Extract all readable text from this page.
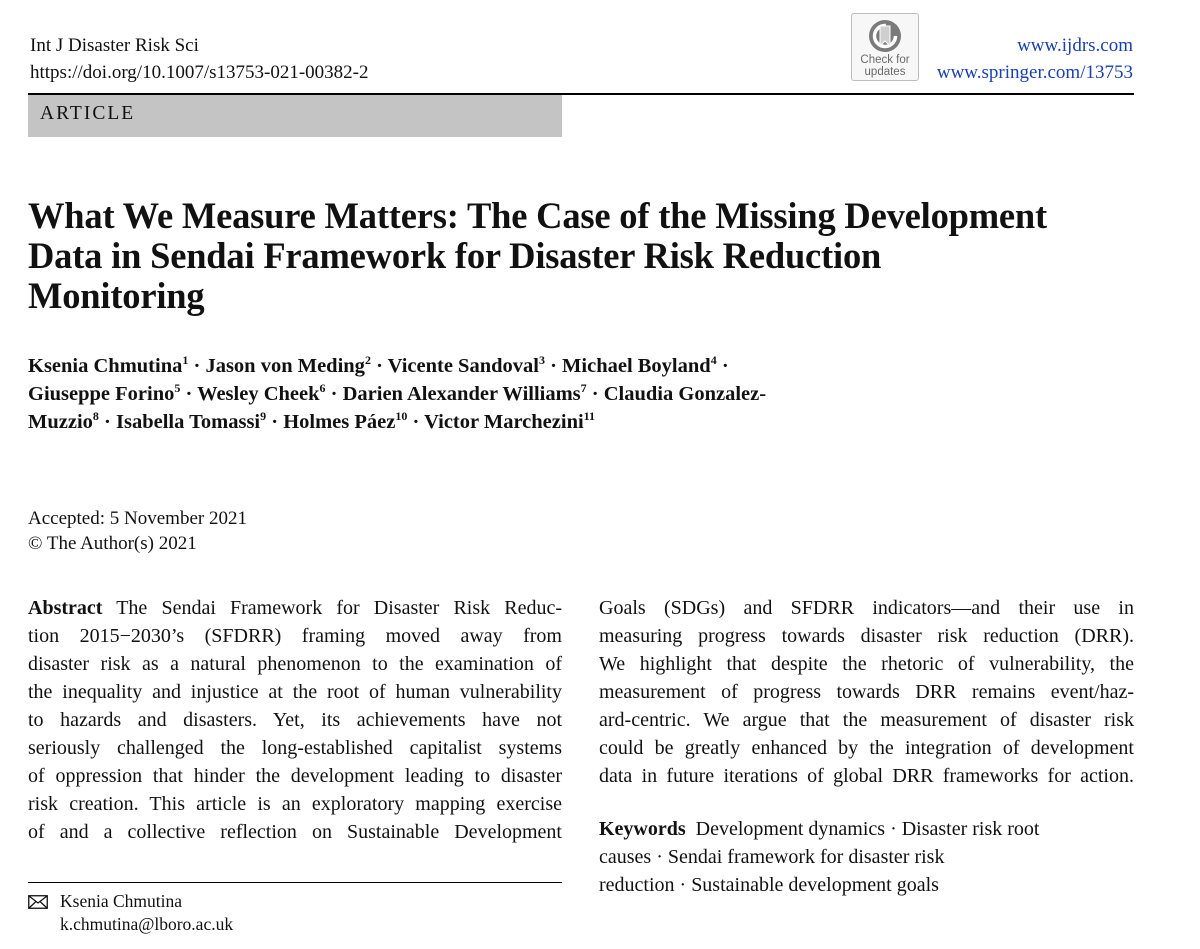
Int J Disaster Risk Sci
https://doi.org/10.1007/s13753-021-00382-2
Check for
updates
www.ijdrs.com
www.springer.com/13753
ARTICLE
What We Measure Matters: The Case of the Missing Development
Data in Sendai Framework for Disaster Risk Reduction
Monitoring
Ksenia Chmutina$^1$ · Jason von Meding$^2$ · Vicente Sandoval$^3$ · Michael Boyland$^4$ ·
Giuseppe Forino$^5$ · Wesley Cheek$^6$ · Darien Alexander Williams$^7$ · Claudia Gonzalez-
Muzzio$^8$ · Isabella Tomassi$^9$ · Holmes Páez$^{10}$ · Victor Marchezini$^{11}$
Accepted: 5 November 2021
© The Author(s) 2021
Abstract The Sendai Framework for Disaster Risk Reduc-
tion 2015−2030’s (SFDRR) framing moved away from
disaster risk as a natural phenomenon to the examination of
the inequality and injustice at the root of human vulnerability
to hazards and disasters. Yet, its achievements have not
seriously challenged the long-established capitalist systems
of oppression that hinder the development leading to disaster
risk creation. This article is an exploratory mapping exercise
of and a collective reflection on Sustainable Development
Goals (SDGs) and SFDRR indicators—and their use in
measuring progress towards disaster risk reduction (DRR).
We highlight that despite the rhetoric of vulnerability, the
measurement of progress towards DRR remains event/haz-
ard-centric. We argue that the measurement of disaster risk
could be greatly enhanced by the integration of development
data in future iterations of global DRR frameworks for action.
Keywords Development dynamics · Disaster risk root
causes · Sendai framework for disaster risk
reduction · Sustainable development goals
Ksenia Chmutina
k.chmutina@lboro.ac.uk
